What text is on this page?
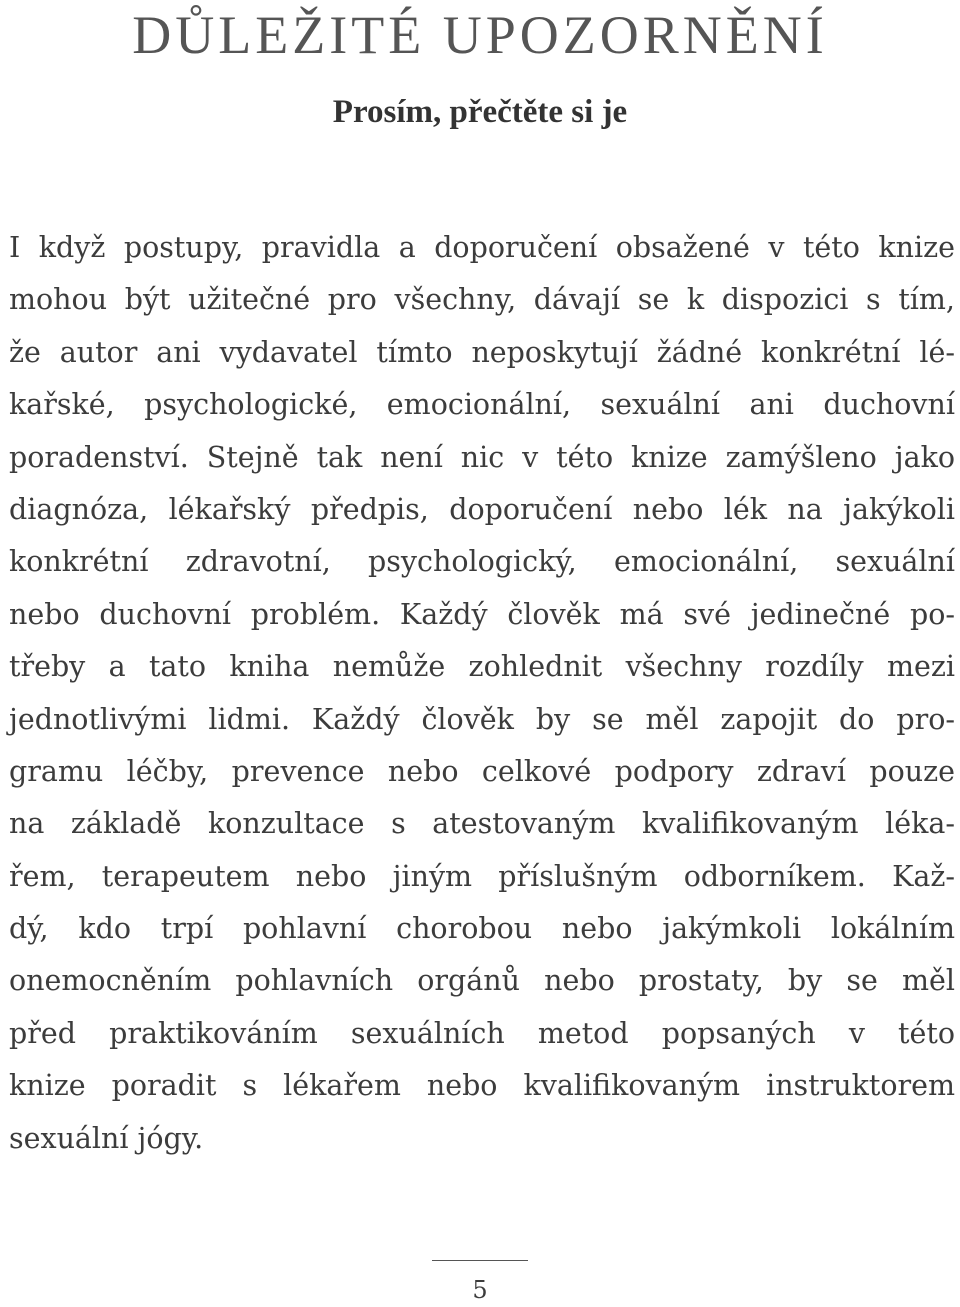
DŮLEŽITÉ UPOZORNĚNÍ
Prosím, přečtěte si je
I když postupy, pravidla a doporučení obsažené v této knize
mohou být užitečné pro všechny, dávají se k dispozici s tím,
že autor ani vydavatel tímto neposkytují žádné konkrétní lé-
kařské, psychologické, emocionální, sexuální ani duchovní
poradenství. Stejně tak není nic v této knize zamýšleno jako
diagnóza, lékařský předpis, doporučení nebo lék na jakýkoli
konkrétní zdravotní, psychologický, emocionální, sexuální
nebo duchovní problém. Každý člověk má své jedinečné po-
třeby a tato kniha nemůže zohlednit všechny rozdíly mezi
jednotlivými lidmi. Každý člověk by se měl zapojit do pro-
gramu léčby, prevence nebo celkové podpory zdraví pouze
na základě konzultace s atestovaným kvalifikovaným léka-
řem, terapeutem nebo jiným příslušným odborníkem. Kaž-
dý, kdo trpí pohlavní chorobou nebo jakýmkoli lokálním
onemocněním pohlavních orgánů nebo prostaty, by se měl
před praktikováním sexuálních metod popsaných v této
knize poradit s lékařem nebo kvalifikovaným instruktorem
sexuální jógy.
5
